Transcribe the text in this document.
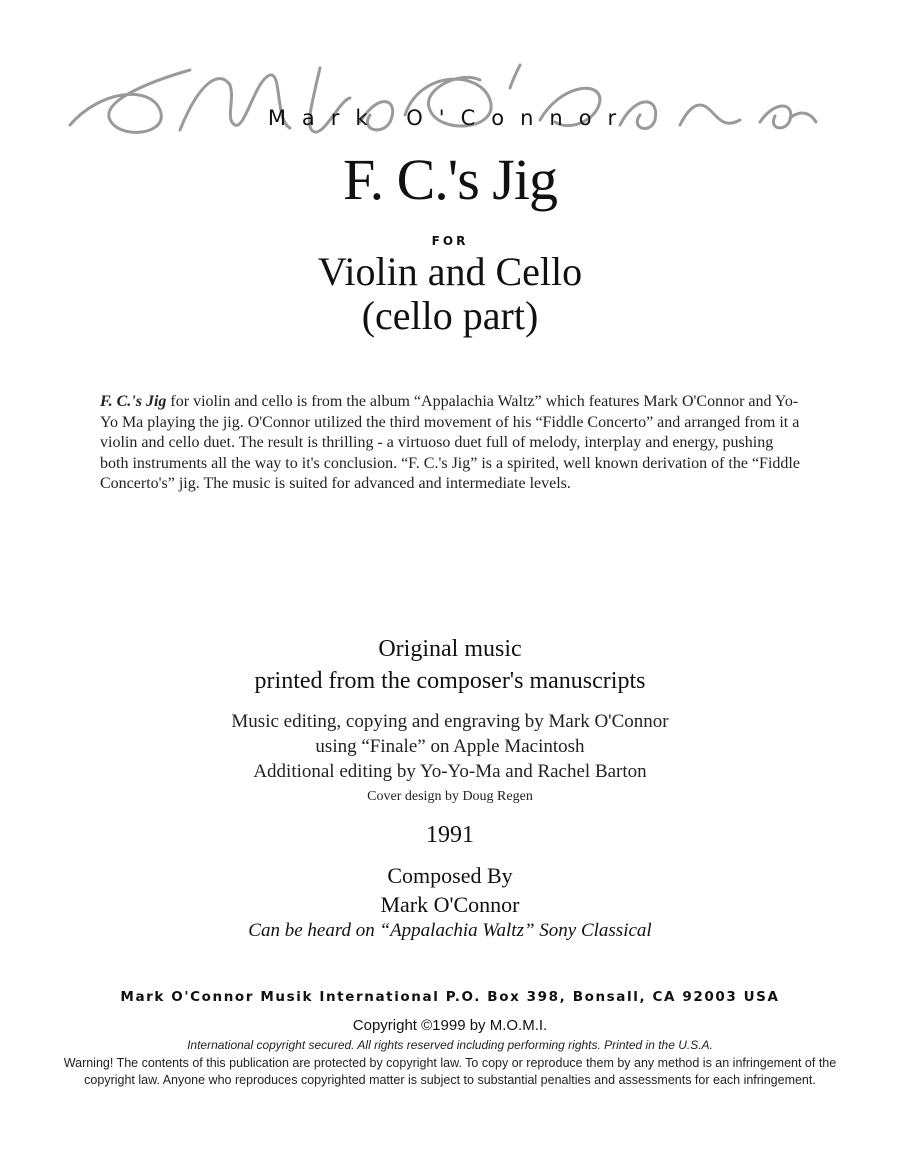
Mark O'Connor
F. C.'s Jig
FOR
Violin and Cello
(cello part)
F. C.'s Jig for violin and cello is from the album “Appalachia Waltz” which features Mark O'Connor and Yo-Yo Ma playing the jig. O'Connor utilized the third movement of his “Fiddle Concerto” and arranged from it a violin and cello duet. The result is thrilling - a virtuoso duet full of melody, interplay and energy, pushing both instruments all the way to it's conclusion. “F. C.'s Jig” is a spirited, well known derivation of the “Fiddle Concerto's” jig. The music is suited for advanced and intermediate levels.
Original music
printed from the composer's manuscripts
Music editing, copying and engraving by Mark O'Connor
using “Finale” on Apple Macintosh
Additional editing by Yo-Yo-Ma and Rachel Barton
Cover design by Doug Regen
1991
Composed By
Mark O'Connor
Can be heard on “Appalachia Waltz” Sony Classical
Mark O'Connor Musik International P.O. Box 398, Bonsall, CA 92003 USA
Copyright ©1999 by M.O.M.I.
International copyright secured. All rights reserved including performing rights. Printed in the U.S.A.
Warning! The contents of this publication are protected by copyright law. To copy or reproduce them by any method is an infringement of the copyright law. Anyone who reproduces copyrighted matter is subject to substantial penalties and assessments for each infringement.
